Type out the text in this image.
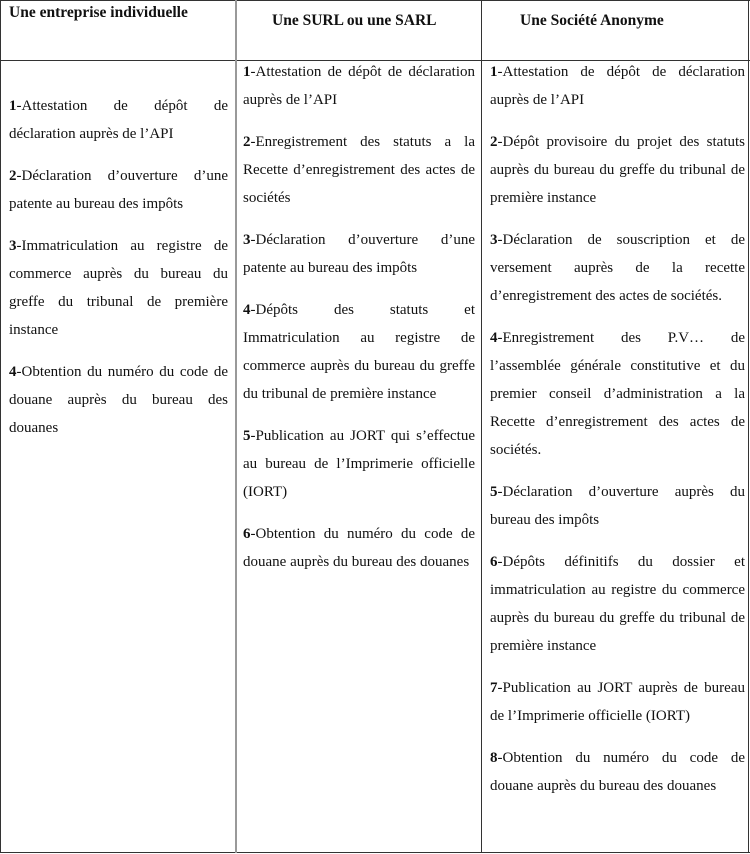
Une entreprise individuelle	Une SURL ou une SARL	Une Société Anonyme

1-Attestation de dépôt de déclaration auprès de l’API

2-Déclaration d’ouverture d’une patente au bureau des impôts

3-Immatriculation au registre de commerce auprès du bureau du greffe du tribunal de première instance

4-Obtention du numéro du code de douane auprès du bureau des douanes

1-Attestation de dépôt de déclaration auprès de l’API

2-Enregistrement des statuts a la Recette d’enregistrement des actes de sociétés

3-Déclaration d’ouverture d’une patente au bureau des impôts

4-Dépôts des statuts et Immatriculation au registre de commerce auprès du bureau du greffe du tribunal de première instance

5-Publication au JORT qui s’effectue au bureau de l’Imprimerie officielle (IORT)

6-Obtention du numéro du code de douane auprès du bureau des douanes

1-Attestation de dépôt de déclaration auprès de l’API

2-Dépôt provisoire du projet des statuts auprès du bureau du greffe du tribunal de première instance

3-Déclaration de souscription et de versement auprès de la recette d’enregistrement des actes de sociétés.

4-Enregistrement des P.V… de l’assemblée générale constitutive et du premier conseil d’administration a la Recette d’enregistrement des actes de sociétés.

5-Déclaration d’ouverture auprès du bureau des impôts

6-Dépôts définitifs du dossier et immatriculation au registre du commerce auprès du bureau du greffe du tribunal de première instance

7-Publication au JORT auprès de bureau de l’Imprimerie officielle (IORT)

8-Obtention du numéro du code de douane auprès du bureau des douanes
